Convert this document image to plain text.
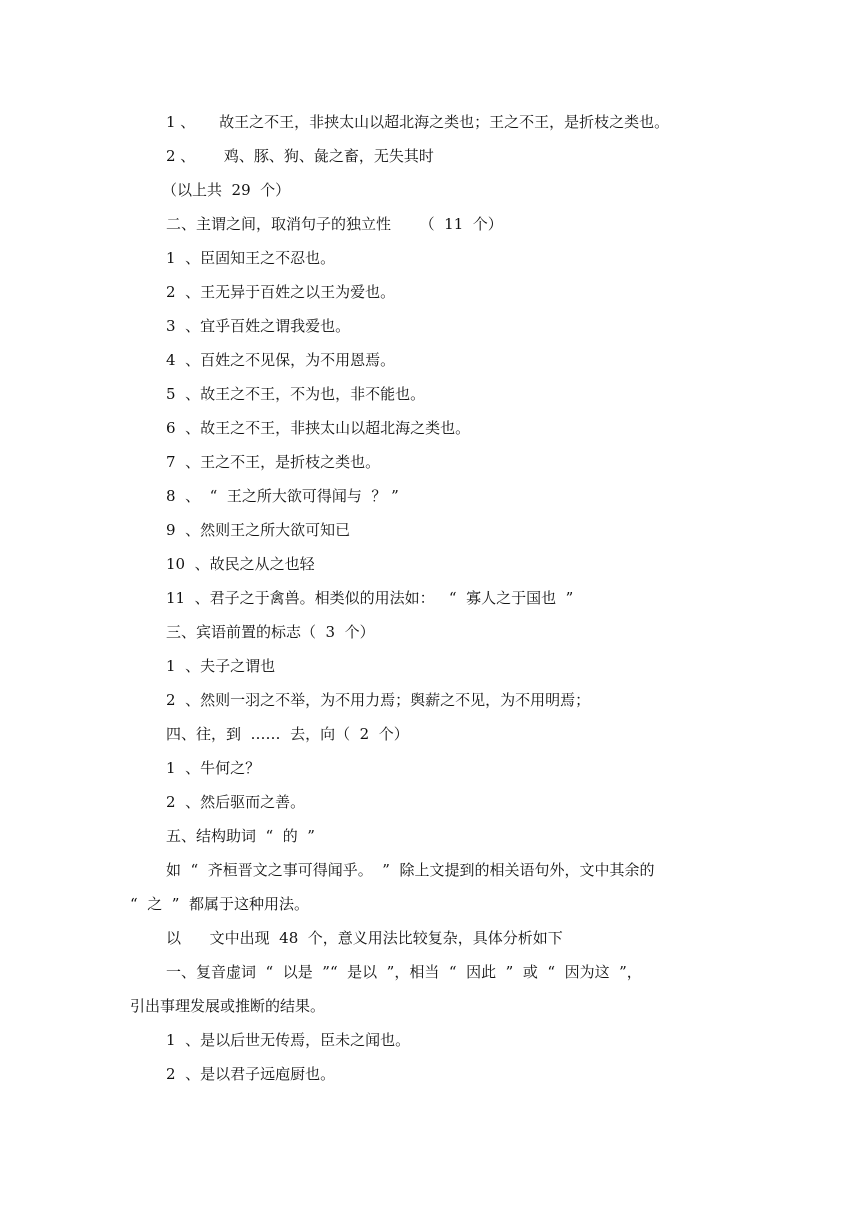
1 、     故王之不王，非挟太山以超北海之类也；王之不王，是折枝之类也。
2 、      鸡、豚、狗、彘之畜，无失其时
（以上共  29  个）
二、主谓之间，取消句子的独立性      （  11  个）
1  、臣固知王之不忍也。
2  、王无异于百姓之以王为爱也。
3  、宜乎百姓之谓我爱也。
4  、百姓之不见保，为不用恩焉。
5  、故王之不王，不为也，非不能也。
6  、故王之不王，非挟太山以超北海之类也。
7  、王之不王，是折枝之类也。
8  、  “  王之所大欲可得闻与  ？ ”
9  、然则王之所大欲可知已
10  、故民之从之也轻
11  、君子之于禽兽。相类似的用法如：   “  寡人之于国也  ”
三、宾语前置的标志（  3  个）
1  、夫子之谓也
2  、然则一羽之不举，为不用力焉；舆薪之不见，为不用明焉；
四、往，到  ……  去，向（  2  个）
1  、牛何之？
2  、然后驱而之善。
五、结构助词  “  的  ”
如  “  齐桓晋文之事可得闻乎。  ”  除上文提到的相关语句外，文中其余的
“  之  ”  都属于这种用法。
以      文中出现  48  个，意义用法比较复杂，具体分析如下
一、复音虚词  “  以是  ”“  是以  ”，相当  “  因此  ”  或  “  因为这  ”，
引出事理发展或推断的结果。
1  、是以后世无传焉，臣未之闻也。
2  、是以君子远庖厨也。
